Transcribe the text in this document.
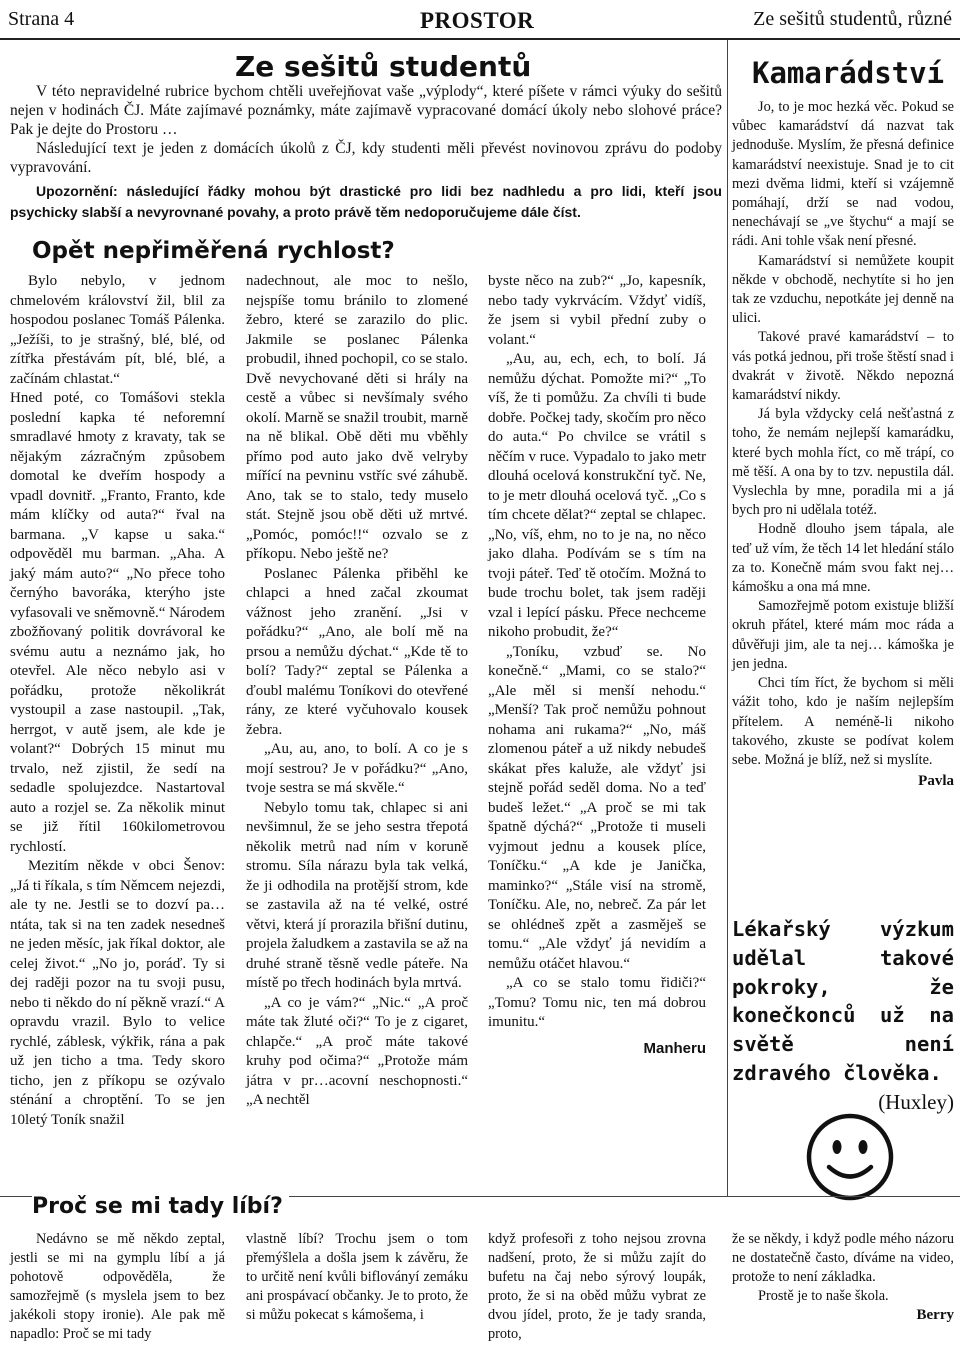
Strana 4	PROSTOR	Ze sešitů studentů, různé
Ze sešitů studentů

V této nepravidelné rubrice bychom chtěli uveřejňovat vaše „výplody“, které píšete v rámci výuky do sešitů nejen v hodinách ČJ. Máte zajímavé poznámky, máte zajímavě vypracované domácí úkoly nebo slohové práce? Pak je dejte do Prostoru …

Následující text je jeden z domácích úkolů z ČJ, kdy studenti měli převést novinovou zprávu do podoby vypravování.

Upozornění: následující řádky mohou být drastické pro lidi bez nadhledu a pro lidi, kteří jsou psychicky slabší a nevyrovnané povahy, a proto právě těm nedoporučujeme dále číst.

Opět nepřiměřená rychlost?

Bylo nebylo, v jednom chmelovém království žil, blil za hospodou poslanec Tomáš Pálenka. „Ježíši, to je strašný, blé, blé, od zítřka přestávám pít, blé, blé, a začínám chlastat.“

Hned poté, co Tomášovi stekla poslední kapka té neforemní smradlavé hmoty z kravaty, tak se nějakým zázračným způsobem domotal ke dveřím hospody a vpadl dovnitř. „Franto, Franto, kde mám klíčky od auta?“ řval na barmana. „V kapse u saka.“ odpověděl mu barman. „Aha. A jaký mám auto?“ „No přece toho černýho bavoráka, kterýho jste vyfasovali ve sněmovně.“ Národem zbožňovaný politik dovrávoral ke svému autu a neznámo jak, ho otevřel. Ale něco nebylo asi v pořádku, protože několikrát vystoupil a zase nastoupil. „Tak, herrgot, v autě jsem, ale kde je volant?“ Dobrých 15 minut mu trvalo, než zjistil, že sedí na sedadle spolujezdce. Nastartoval auto a rozjel se. Za několik minut se již řítil 160kilometrovou rychlostí.

Mezitím někde v obci Šenov: „Já ti říkala, s tím Němcem nejezdi, ale ty ne. Jestli se to dozví pa…ntáta, tak si na ten zadek nesedneš ne jeden měsíc, jak říkal doktor, ale celej život.“ „No jo, poráď. Ty si dej raději pozor na tu svoji pusu, nebo ti někdo do ní pěkně vrazí.“ A opravdu vrazil. Bylo to velice rychlé, záblesk, výkřik, rána a pak už jen ticho a tma. Tedy skoro ticho, jen z příkopu se ozývalo sténání a chroptění. To se jen 10letý Toník snažil

nadechnout, ale moc to nešlo, nejspíše tomu bránilo to zlomené žebro, které se zarazilo do plic. Jakmile se poslanec Pálenka probudil, ihned pochopil, co se stalo. Dvě nevychované děti si hrály na cestě a vůbec si nevšímaly svého okolí. Marně se snažil troubit, marně na ně blikal. Obě děti mu vběhly přímo pod auto jako dvě velryby mířící na pevninu vstříc své záhubě. Ano, tak se to stalo, tedy muselo stát. Stejně jsou obě děti už mrtvé. „Pomóc, pomóc!!“ ozvalo se z příkopu. Nebo ještě ne?

Poslanec Pálenka přiběhl ke chlapci a hned začal zkoumat vážnost jeho zranění. „Jsi v pořádku?“ „Ano, ale bolí mě na prsou a nemůžu dýchat.“ „Kde tě to bolí? Tady?“ zeptal se Pálenka a ďoubl malému Toníkovi do otevřené rány, ze které vyčuhovalo kousek žebra.

„Au, au, ano, to bolí. A co je s mojí sestrou? Je v pořádku?“ „Ano, tvoje sestra se má skvěle.“

Nebylo tomu tak, chlapec si ani nevšimnul, že se jeho sestra třepotá několik metrů nad ním v koruně stromu. Síla nárazu byla tak velká, že ji odhodila na protější strom, kde se zastavila až na té velké, ostré větvi, která jí prorazila břišní dutinu, projela žaludkem a zastavila se až na druhé straně těsně vedle páteře. Na místě po třech hodinách byla mrtvá.

„A co je vám?“ „Nic.“ „A proč máte tak žluté oči?“ To je z cigaret, chlapče.“ „A proč máte takové kruhy pod očima?“ „Protože mám játra v pr…acovní neschopnosti.“ „A nechtěl

byste něco na zub?“ „Jo, kapesník, nebo tady vykrvácím. Vždyť vidíš, že jsem si vybil přední zuby o volant.“

„Au, au, ech, ech, to bolí. Já nemůžu dýchat. Pomožte mi?“ „To víš, že ti pomůžu. Za chvíli ti bude dobře. Počkej tady, skočím pro něco do auta.“ Po chvilce se vrátil s něčím v ruce. Vypadalo to jako metr dlouhá ocelová konstrukční tyč. Ne, to je metr dlouhá ocelová tyč. „Co s tím chcete dělat?“ zeptal se chlapec. „No, víš, ehm, no to je na, no něco jako dlaha. Podívám se s tím na tvoji páteř. Teď tě otočím. Možná to bude trochu bolet, tak jsem raději vzal i lepící pásku. Přece nechceme nikoho probudit, že?“

„Toníku, vzbuď se. No konečně.“ „Mami, co se stalo?“ „Ale měl si menší nehodu.“ „Menší? Tak proč nemůžu pohnout nohama ani rukama?“ „No, máš zlomenou páteř a už nikdy nebudeš skákat přes kaluže, ale vždyť jsi stejně pořád seděl doma. No a teď budeš ležet.“ „A proč se mi tak špatně dýchá?“ „Protože ti museli vyjmout jednu a kousek plíce, Toníčku.“ „A kde je Janička, maminko?“ „Stále visí na stromě, Toníčku. Ale, no, nebreč. Za pár let se ohlédneš zpět a zasměješ se tomu.“ „Ale vždyť já nevidím a nemůžu otáčet hlavou.“

„A co se stalo tomu řidiči?“ „Tomu? Tomu nic, ten má dobrou imunitu.“

Manheru
Kamarádství

Jo, to je moc hezká věc. Pokud se vůbec kamarádství dá nazvat tak jednoduše. Myslím, že přesná definice kamarádství neexistuje. Snad je to cit mezi dvěma lidmi, kteří si vzájemně pomáhají, drží se nad vodou, nenechávají se „ve štychu“ a mají se rádi. Ani tohle však není přesné.

Kamarádství si nemůžete koupit někde v obchodě, nechytíte si ho jen tak ze vzduchu, nepotkáte jej denně na ulici.

Takové pravé kamarádství – to vás potká jednou, při troše štěstí snad i dvakrát v životě. Někdo nepozná kamarádství nikdy.

Já byla vždycky celá nešťastná z toho, že nemám nejlepší kamarádku, které bych mohla říct, co mě trápí, co mě těší. A ona by to tzv. nepustila dál. Vyslechla by mne, poradila mi a já bych pro ni udělala totéž.

Hodně dlouho jsem tápala, ale teď už vím, že těch 14 let hledání stálo za to. Konečně mám svou fakt nej… kámošku a ona má mne.

Samozřejmě potom existuje bližší okruh přátel, které mám moc ráda a důvěřuji jim, ale ta nej… kámoška je jen jedna.

Chci tím říct, že bychom si měli vážit toho, kdo je naším nejlepším přítelem. A neméně-li nikoho takového, zkuste se podívat kolem sebe. Možná je blíž, než si myslíte.

Pavla
Lékařský výzkum udělal takové pokroky, že konečkonců už na světě není zdravého člověka.
(Huxley)
Proč se mi tady líbí?

Nedávno se mě někdo zeptal, jestli se mi na gymplu líbí a já pohotově odpověděla, že samozřejmě (s myslela jsem to bez jakékoli stopy ironie). Ale pak mě napadlo: Proč se mi tady

vlastně líbí? Trochu jsem o tom přemýšlela a došla jsem k závěru, že to určitě není kvůli bifloványí zemáku ani prospávací občanky. Je to proto, že si můžu pokecat s kámošema, i

když profesoři z toho nejsou zrovna nadšení, proto, že si můžu zajít do bufetu na čaj nebo sýrový loupák, proto, že si na oběd můžu vybrat ze dvou jídel, proto, že je tady sranda, proto,

že se někdy, i když podle mého názoru ne dostatečně často, díváme na video, protože to není základka.

Prostě je to naše škola.

Berry
